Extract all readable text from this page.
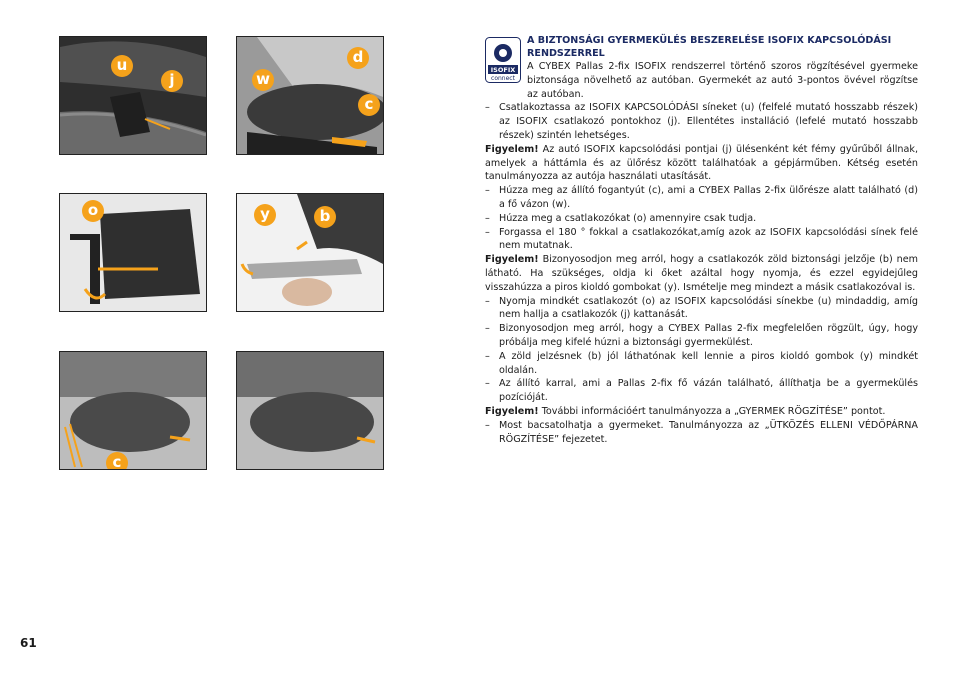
u
j
d
w
c
o	y	b
c
61
ISOFIX
connect
A BIZTONSÁGI GYERMEKÜLÉS BESZERELÉSE ISOFIX KAPCSOLÓDÁSI RENDSZERREL
A CYBEX Pallas 2-fix ISOFIX rendszerrel történő szoros rögzítésével gyermeke biztonsága növelhető az autóban. Gyermekét az autó 3-pontos övével rögzítse az autóban.
– Csatlakoztassa az ISOFIX KAPCSOLÓDÁSI síneket (u) (felfelé mutató hosszabb részek) az ISOFIX csatlakozó pontokhoz (j). Ellentétes installáció (lefelé mutató hosszabb részek) szintén lehetséges.
Figyelem! Az autó ISOFIX kapcsolódási pontjai (j) ülésenként két fémy gyűrűből állnak, amelyek a háttámla és az ülőrész között találhatóak a gépjárműben. Kétség esetén tanulmányozza az autója használati utasítását.
– Húzza meg az állító fogantyút (c), ami a CYBEX Pallas 2-fix ülőrésze alatt található (d) a fő vázon (w).
– Húzza meg a csatlakozókat (o) amennyire csak tudja.
– Forgassa el 180 ° fokkal a csatlakozókat,amíg azok az ISOFIX kapcsolódási sínek felé nem mutatnak.
Figyelem! Bizonyosodjon meg arról, hogy a csatlakozók zöld biztonsági jelzője (b) nem látható. Ha szükséges, oldja ki őket azáltal hogy nyomja, és ezzel egyidejűleg visszahúzza a piros kioldó gombokat (y). Ismételje meg mindezt a másik csatlakozóval is.
– Nyomja mindkét csatlakozót (o) az ISOFIX kapcsolódási sínekbe (u) mindaddig, amíg nem hallja a csatlakozók (j) kattanását.
– Bizonyosodjon meg arról, hogy a CYBEX Pallas 2-fix megfelelően rögzült, úgy, hogy próbálja meg kifelé húzni a biztonsági gyermekülést.
– A zöld jelzésnek (b) jól láthatónak kell lennie a piros kioldó gombok (y) mindkét oldalán.
– Az állító karral, ami a Pallas 2-fix fő vázán található, állíthatja be a gyermekülés pozícióját.
Figyelem! További információért tanulmányozza a „GYERMEK RÖGZÍTÉSE” pontot.
– Most bacsatolhatja a gyermeket. Tanulmányozza az „ÜTKÖZÉS ELLENI VÉDŐPÁRNA RÖGZÍTÉSE” fejezetet.
